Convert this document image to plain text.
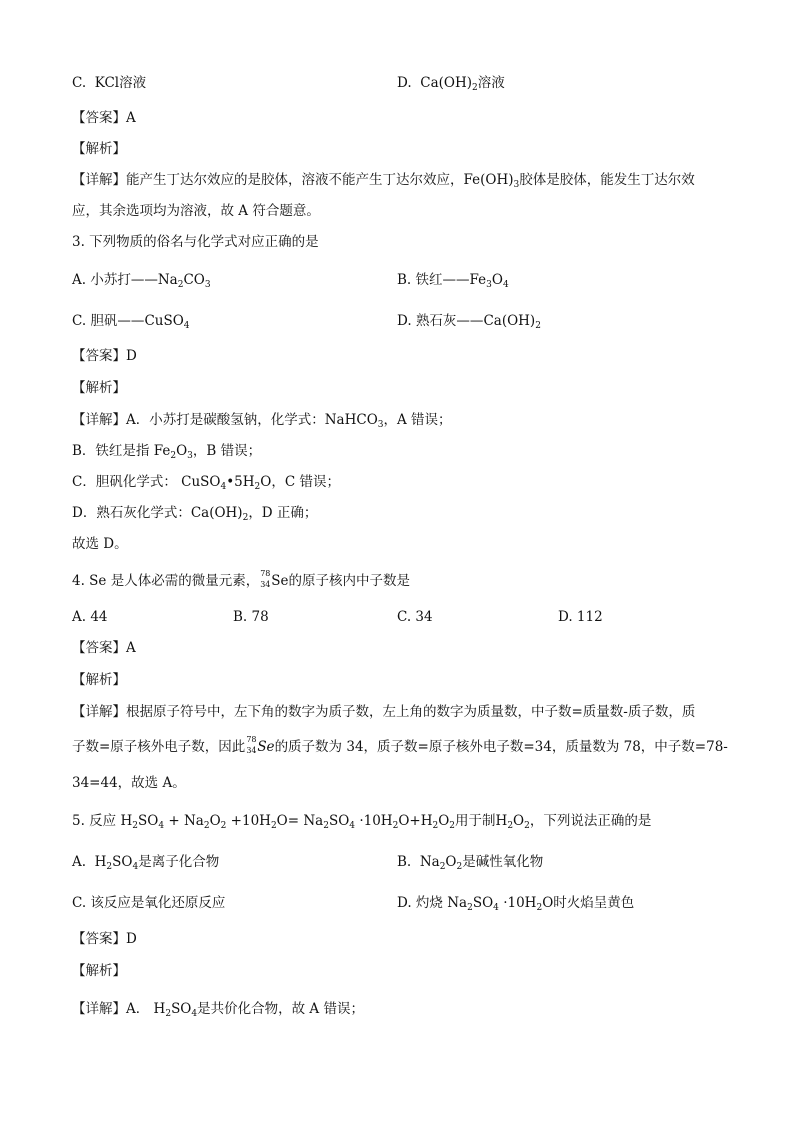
C. KCl溶液	D. $Ca(OH)_2$溶液
【答案】A
【解析】
【详解】能产生丁达尔效应的是胶体，溶液不能产生丁达尔效应，$Fe(OH)_3$胶体是胶体，能发生丁达尔效
应，其余选项均为溶液，故 A 符合题意。
3. 下列物质的俗名与化学式对应正确的是
A. 小苏打$——Na_2CO_3$	B. 铁红$——Fe_3O_4$
C. 胆矾——CuSO$_4$	D. 熟石灰$——Ca(OH)_2$
【答案】D
【解析】
【详解】A．小苏打是碳酸氢钠，化学式：NaHCO$_3$，A 错误；
B．铁红是指 $Fe_2O_3$，B 错误；
C．胆矾化学式： $CuSO_4•5H_2O$，C 错误；
D．熟石灰化学式：$Ca(OH)_2$，D 正确；
故选 D。
4. Se 是人体必需的微量元素， 78
34 Se的原子核内中子数是
A. 44	B. 78	C. 34	D. 112
【答案】A
【解析】
【详解】根据原子符号中，左下角的数字为质子数，左上角的数字为质量数，中子数=质量数-质子数，质
子数=原子核外电子数，因此 78
34 Se的质子数为 34，质子数=原子核外电子数=34，质量数为 78，中子数=78-
34=44，故选 A。
5. 反应 $H_2SO_4 + Na_2O_2 +10H_2O= Na_2SO_4 \cdot 10H_2O+H_2O_2$用于制$H_2O_2$，下列说法正确的是
A. $H_2SO_4$是离子化合物	B. $Na_2O_2$是碱性氧化物
C. 该反应是氧化还原反应	D. 灼烧 $Na_2SO_4 \cdot 10H_2O$时火焰呈黄色
【答案】D
【解析】
【详解】A． $H_2SO_4$是共价化合物，故 A 错误；
